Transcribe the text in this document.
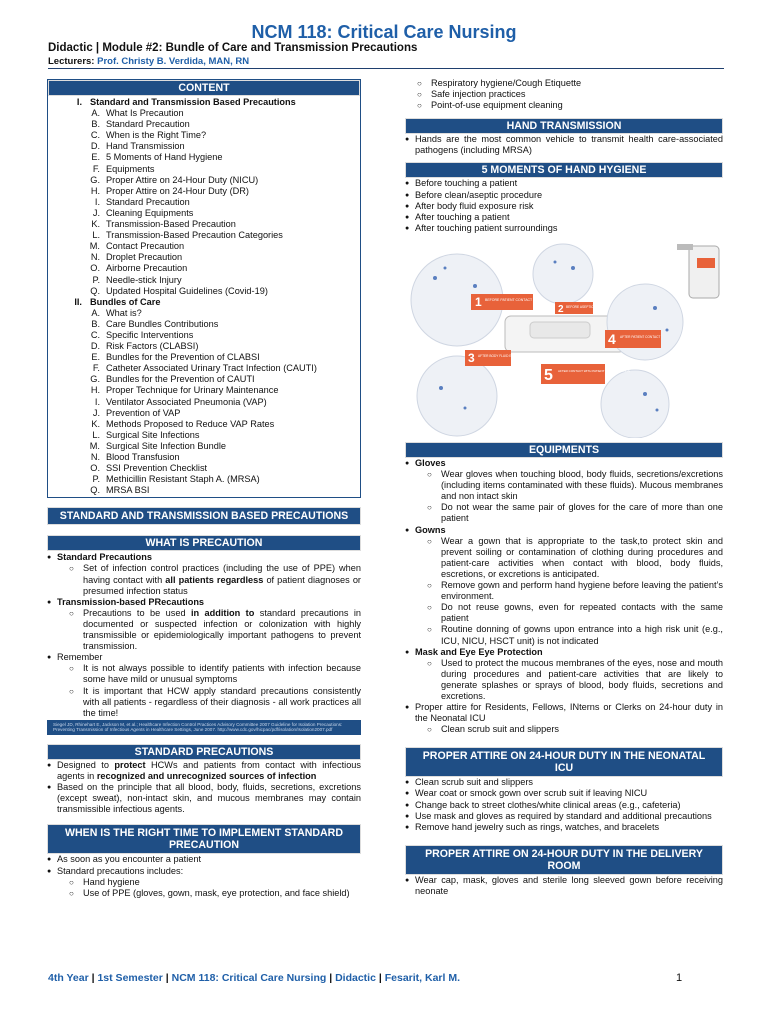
NCM 118: Critical Care Nursing
Didactic | Module #2: Bundle of Care and Transmission Precautions
Lecturers: Prof. Christy B. Verdida, MAN, RN
CONTENT
I. Standard and Transmission Based Precautions
A. What Is Precaution
B. Standard Precaution
C. When is the Right Time?
D. Hand Transmission
E. 5 Moments of Hand Hygiene
F. Equipments
G. Proper Attire on 24-Hour Duty (NICU)
H. Proper Attire on 24-Hour Duty (DR)
I. Standard Precaution
J. Cleaning Equipments
K. Transmission-Based Precaution
L. Transmission-Based Precaution Categories
M. Contact Precaution
N. Droplet Precaution
O. Airborne Precaution
P. Needle-stick Injury
Q. Updated Hospital Guidelines (Covid-19)
II. Bundles of Care
A. What is?
B. Care Bundles Contributions
C. Specific Interventions
D. Risk Factors (CLABSI)
E. Bundles for the Prevention of CLABSI
F. Catheter Associated Urinary Tract Infection (CAUTI)
G. Bundles for the Prevention of CAUTI
H. Proper Technique for Urinary Maintenance
I. Ventilator Associated Pneumonia (VAP)
J. Prevention of VAP
K. Methods Proposed to Reduce VAP Rates
L. Surgical Site Infections
M. Surgical Site Infection Bundle
N. Blood Transfusion
O. SSI Prevention Checklist
P. Methicillin Resistant Staph A. (MRSA)
Q. MRSA BSI
STANDARD AND TRANSMISSION BASED PRECAUTIONS
WHAT IS PRECAUTION
● Standard Precautions
○ Set of infection control practices (including the use of PPE) when having contact with all patients regardless of patient diagnoses or presumed infection status
● Transmission-based PRecautions
○ Precautions to be used in addition to standard precautions in documented or suspected infection or colonization with highly transmissible or epidemiologically important pathogens to prevent transmission.
● Remember
○ It is not always possible to identify patients with infection because some have mild or unusual symptoms
○ It is important that HCW apply standard precautions consistently with all patients - regardless of their diagnosis - all work practices all the time!
Siegel JD, Rhinehart E, Jackson M, et al.; Healthcare Infection Control Practices Advisory Committee 2007 Guideline for Isolation Precautions: Preventing Transmission of Infectious Agents in Healthcare Settings, June 2007. http://www.cdc.gov/hicpac/pdf/isolation/Isolation2007.pdf
STANDARD PRECAUTIONS
● Designed to protect HCWs and patients from contact with infectious agents in recognized and unrecognized sources of infection
● Based on the principle that all blood, body, fluids, secretions, excretions (except sweat), non-intact skin, and mucous membranes may contain transmissible infectious agents.
WHEN IS THE RIGHT TIME TO IMPLEMENT STANDARD PRECAUTION
● As soon as you encounter a patient
● Standard precautions includes:
○ Hand hygiene
○ Use of PPE (gloves, gown, mask, eye protection, and face shield)
○ Respiratory hygiene/Cough Etiquette
○ Safe injection practices
○ Point-of-use equipment cleaning
HAND TRANSMISSION
● Hands are the most common vehicle to transmit health care-associated pathogens (including MRSA)
5 MOMENTS OF HAND HYGIENE
● Before touching a patient
● Before clean/aseptic procedure
● After body fluid exposure risk
● After touching a patient
● After touching patient surroundings
1 BEFORE PATIENT CONTACT
2 BEFORE ASEPTIC TASK
3 AFTER BODY FLUID EXPOSURE RISK
4 AFTER PATIENT CONTACT
5 AFTER CONTACT WITH PATIENT SURROUNDINGS
EQUIPMENTS
● Gloves
○ Wear gloves when touching blood, body fluids, secretions/excretions (including items contaminated with these fluids). Mucous membranes and non intact skin
○ Do not wear the same pair of gloves for the care of more than one patient
● Gowns
○ Wear a gown that is appropriate to the task,to protect skin and prevent soiling or contamination of clothing during procedures and patient-care activities when contact with blood, body fluids, escretions, or excretions is anticipated.
○ Remove gown and perform hand hygiene before leaving the patient’s environment.
○ Do not reuse gowns, even for repeated contacts with the same patient
○ Routine donning of gowns upon entrance into a high risk unit (e.g., ICU, NICU, HSCT unit) is not indicated
● Mask and Eye Eye Protection
○ Used to protect the mucous membranes of the eyes, nose and mouth during procedures and patient-care activities that are likely to generate splashes or sprays of blood, body fluids, secretions and excretions.
● Proper attire for Residents, Fellows, INterns or Clerks on 24-hour duty in the Neonatal ICU
○ Clean scrub suit and slippers
PROPER ATTIRE ON 24-HOUR DUTY IN THE NEONATAL ICU
● Clean scrub suit and slippers
● Wear coat or smock gown over scrub suit if leaving NICU
● Change back to street clothes/white clinical areas (e.g., cafeteria)
● Use mask and gloves as required by standard and additional precautions
● Remove hand jewelry such as rings, watches, and bracelets
PROPER ATTIRE ON 24-HOUR DUTY IN THE DELIVERY ROOM
● Wear cap, mask, gloves and sterile long sleeved gown before receiving neonate
4th Year | 1st Semester | NCM 118: Critical Care Nursing | Didactic | Fesarit, Karl M.	1
